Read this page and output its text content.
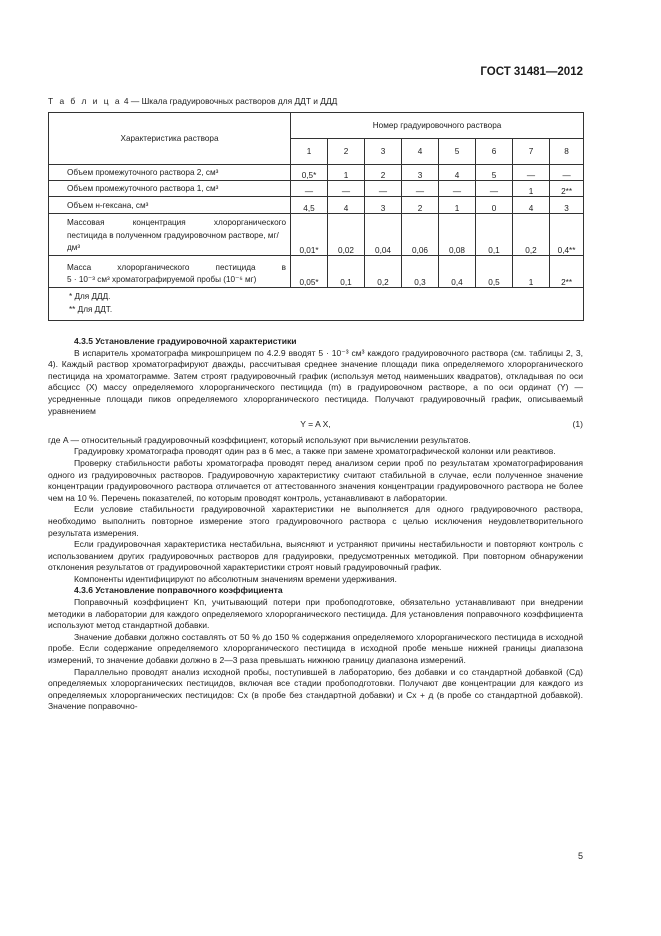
ГОСТ 31481—2012
Т а б л и ц а 4 — Шкала градуировочных растворов для ДДТ и ДДД
Характеристика раствора	Номер градуировочного раствора							
	1	2	3	4	5	6	7	8
Объем промежуточного раствора 2, см³	0,5*	1	2	3	4	5	—	—
Объем промежуточного раствора 1, см³	—	—	—	—	—	—	1	2**
Объем н-гексана, см³	4,5	4	3	2	1	0	4	3

Массовая концентрация хлорорганического
пестицида в полученном градуировочном растворе, мг/дм³	0,01*	0,02	0,04	0,06	0,08	0,1	0,2	0,4**

Масса хлорорганического пестицида в
5 · 10⁻³ см³ хроматографируемой пробы (10⁻⁶ мг)	0,05*	0,1	0,2	0,3	0,4	0,5	1	2**

* Для ДДД.
** Для ДДТ.								

4.3.5 Установление градуировочной характеристики

В испаритель хроматографа микрошприцем по 4.2.9 вводят 5 · 10⁻³ см³ каждого градуировочного раствора (см. таблицы 2, 3, 4). Каждый раствор хроматографируют дважды, рассчитывая среднее значение площади пика определяемого хлорорганического пестицида на хроматограмме. Затем строят градуировочный график (используя метод наименьших квадратов), откладывая по оси абсцисс (X) массу определяемого хлорорганического пестицида (m) в градуировочном растворе, а по оси ординат (Y) — усредненные площади пиков определяемого хлорорганического пестицида. Получают градуировочный график, описываемый уравнением

Y = A X,	(1)

где A — относительный градуировочный коэффициент, который используют при вычислении результатов.

Градуировку хроматографа проводят один раз в 6 мес, а также при замене хроматографической колонки или реактивов.

Проверку стабильности работы хроматографа проводят перед анализом серии проб по результатам хроматографирования одного из градуировочных растворов. Градуировочную характеристику считают стабильной в случае, если полученное значение концентрации градуировочного раствора отличается от аттестованного значения концентрации градуировочного раствора не более чем на 10 %. Перечень показателей, по которым проводят контроль, устанавливают в лаборатории.

Если условие стабильности градуировочной характеристики не выполняется для одного градуировочного раствора, необходимо выполнить повторное измерение этого градуировочного раствора с целью исключения неудовлетворительного результата измерения.

Если градуировочная характеристика нестабильна, выясняют и устраняют причины нестабильности и повторяют контроль с использованием других градуировочных растворов для градуировки, предусмотренных методикой. При повторном обнаружении отклонения результатов от градуировочной характеристики строят новый градуировочный график.

Компоненты идентифицируют по абсолютным значениям времени удерживания.

4.3.6 Установление поправочного коэффициента

Поправочный коэффициент Kп, учитывающий потери при пробоподготовке, обязательно устанавливают при внедрении методики в лаборатории для каждого определяемого хлорорганического пестицида. Для установления поправочного коэффициента используют метод стандартной добавки.

Значение добавки должно составлять от 50 % до 150 % содержания определяемого хлорорганического пестицида в исходной пробе. Если содержание определяемого хлорорганического пестицида в исходной пробе меньше нижней границы диапазона измерений, то значение добавки должно в 2—3 раза превышать нижнюю границу диапазона измерений.

Параллельно проводят анализ исходной пробы, поступившей в лабораторию, без добавки и со стандартной добавкой (Cд) определяемых хлорорганических пестицидов, включая все стадии пробоподготовки. Получают две концентрации для каждого из определяемых хлорорганических пестицидов: Cх (в пробе без стандартной добавки) и Cх + д (в пробе со стандартной добавкой). Значение поправочно-

5
